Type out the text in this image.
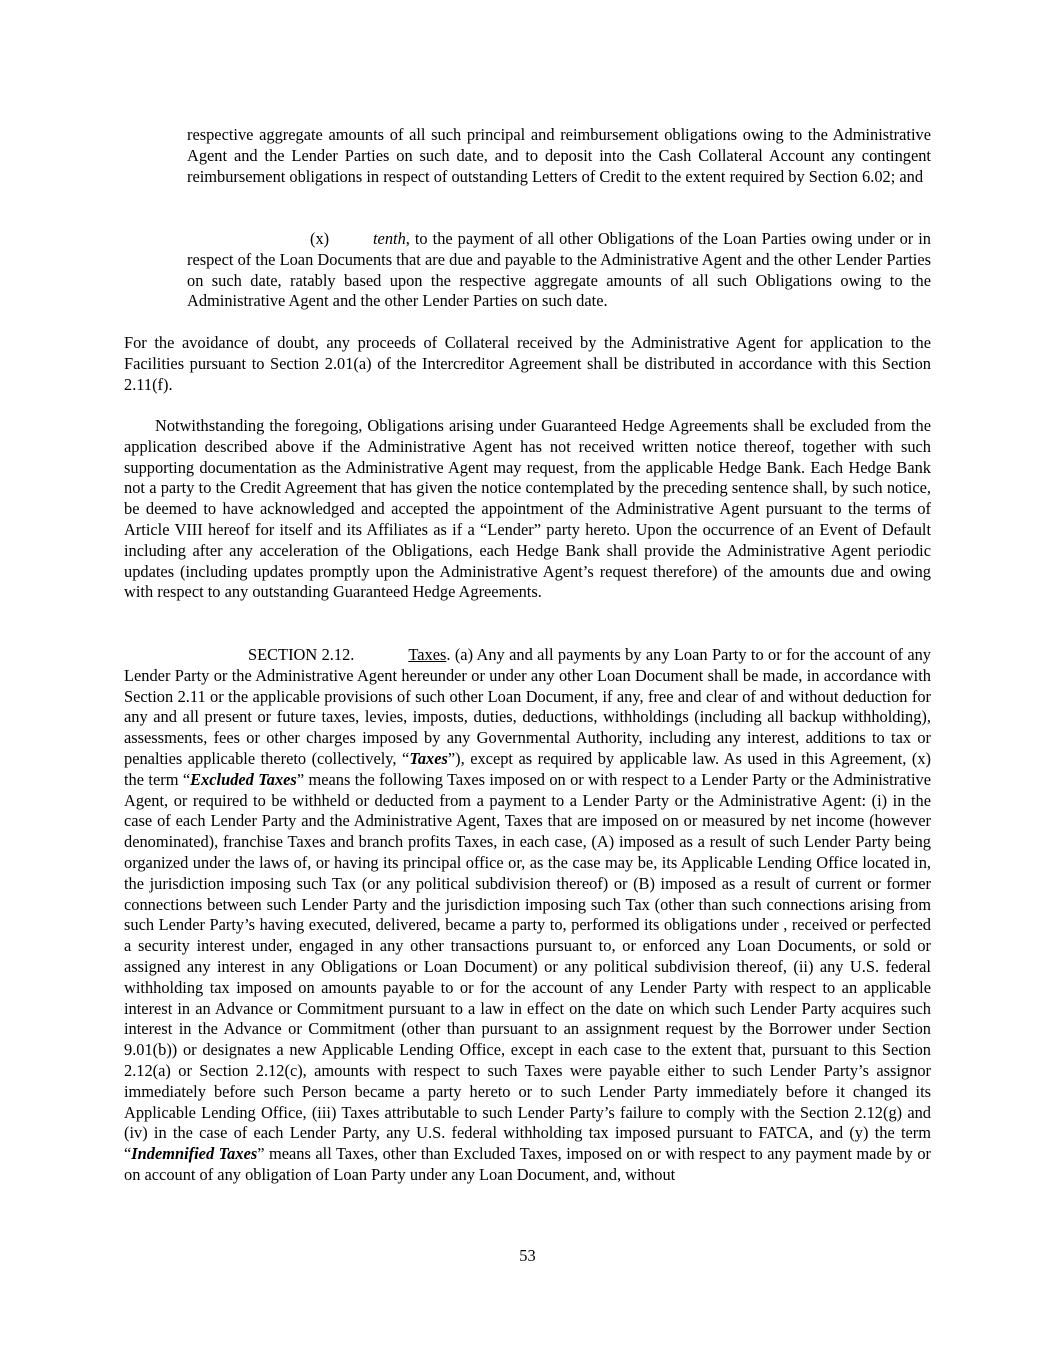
respective aggregate amounts of all such principal and reimbursement obligations owing to the Administrative Agent and the Lender Parties on such date, and to deposit into the Cash Collateral Account any contingent reimbursement obligations in respect of outstanding Letters of Credit to the extent required by Section 6.02; and

(x)	tenth, to the payment of all other Obligations of the Loan Parties owing under or in respect of the Loan Documents that are due and payable to the Administrative Agent and the other Lender Parties on such date, ratably based upon the respective aggregate amounts of all such Obligations owing to the Administrative Agent and the other Lender Parties on such date.

For the avoidance of doubt, any proceeds of Collateral received by the Administrative Agent for application to the Facilities pursuant to Section 2.01(a) of the Intercreditor Agreement shall be distributed in accordance with this Section 2.11(f).

Notwithstanding the foregoing, Obligations arising under Guaranteed Hedge Agreements shall be excluded from the application described above if the Administrative Agent has not received written notice thereof, together with such supporting documentation as the Administrative Agent may request, from the applicable Hedge Bank. Each Hedge Bank not a party to the Credit Agreement that has given the notice contemplated by the preceding sentence shall, by such notice, be deemed to have acknowledged and accepted the appointment of the Administrative Agent pursuant to the terms of Article VIII hereof for itself and its Affiliates as if a “Lender” party hereto. Upon the occurrence of an Event of Default including after any acceleration of the Obligations, each Hedge Bank shall provide the Administrative Agent periodic updates (including updates promptly upon the Administrative Agent’s request therefore) of the amounts due and owing with respect to any outstanding Guaranteed Hedge Agreements.

SECTION 2.12.	Taxes. (a) Any and all payments by any Loan Party to or for the account of any Lender Party or the Administrative Agent hereunder or under any other Loan Document shall be made, in accordance with Section 2.11 or the applicable provisions of such other Loan Document, if any, free and clear of and without deduction for any and all present or future taxes, levies, imposts, duties, deductions, withholdings (including all backup withholding), assessments, fees or other charges imposed by any Governmental Authority, including any interest, additions to tax or penalties applicable thereto (collectively, “Taxes”), except as required by applicable law. As used in this Agreement, (x) the term “Excluded Taxes” means the following Taxes imposed on or with respect to a Lender Party or the Administrative Agent, or required to be withheld or deducted from a payment to a Lender Party or the Administrative Agent: (i) in the case of each Lender Party and the Administrative Agent, Taxes that are imposed on or measured by net income (however denominated), franchise Taxes and branch profits Taxes, in each case, (A) imposed as a result of such Lender Party being organized under the laws of, or having its principal office or, as the case may be, its Applicable Lending Office located in, the jurisdiction imposing such Tax (or any political subdivision thereof) or (B) imposed as a result of current or former connections between such Lender Party and the jurisdiction imposing such Tax (other than such connections arising from such Lender Party’s having executed, delivered, became a party to, performed its obligations under , received or perfected a security interest under, engaged in any other transactions pursuant to, or enforced any Loan Documents, or sold or assigned any interest in any Obligations or Loan Document) or any political subdivision thereof, (ii) any U.S. federal withholding tax imposed on amounts payable to or for the account of any Lender Party with respect to an applicable interest in an Advance or Commitment pursuant to a law in effect on the date on which such Lender Party acquires such interest in the Advance or Commitment (other than pursuant to an assignment request by the Borrower under Section 9.01(b)) or designates a new Applicable Lending Office, except in each case to the extent that, pursuant to this Section 2.12(a) or Section 2.12(c), amounts with respect to such Taxes were payable either to such Lender Party’s assignor immediately before such Person became a party hereto or to such Lender Party immediately before it changed its Applicable Lending Office, (iii) Taxes attributable to such Lender Party’s failure to comply with the Section 2.12(g) and (iv) in the case of each Lender Party, any U.S. federal withholding tax imposed pursuant to FATCA, and (y) the term “Indemnified Taxes” means all Taxes, other than Excluded Taxes, imposed on or with respect to any payment made by or on account of any obligation of Loan Party under any Loan Document, and, without

53
